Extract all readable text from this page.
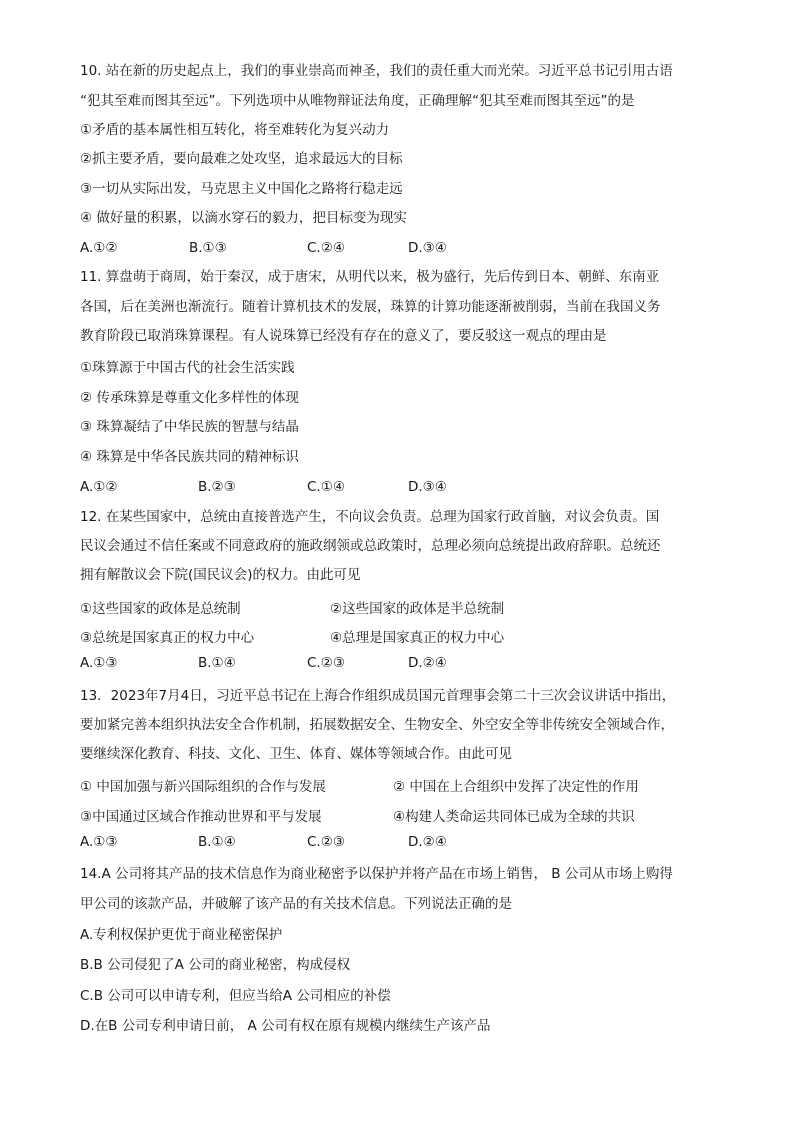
10. 站在新的历史起点上，我们的事业崇高而神圣，我们的责任重大而光荣。习近平总书记引用古语
“犯其至难而图其至远”。下列选项中从唯物辩证法角度，正确理解“犯其至难而图其至远”的是
①矛盾的基本属性相互转化，将至难转化为复兴动力
②抓主要矛盾，要向最难之处攻坚，追求最远大的目标
③一切从实际出发，马克思主义中国化之路将行稳走远
④ 做好量的积累，以滴水穿石的毅力，把目标变为现实
A.①②	B.①③	C.②④	D.③④
11. 算盘萌于商周，始于秦汉，成于唐宋，从明代以来，极为盛行，先后传到日本、朝鲜、东南亚
各国，后在美洲也渐流行。随着计算机技术的发展，珠算的计算功能逐渐被削弱，当前在我国义务
教育阶段已取消珠算课程。有人说珠算已经没有存在的意义了，要反驳这一观点的理由是
①珠算源于中国古代的社会生活实践
② 传承珠算是尊重文化多样性的体现
③ 珠算凝结了中华民族的智慧与结晶
④ 珠算是中华各民族共同的精神标识
A.①②	B.②③	C.①④	D.③④
12. 在某些国家中，总统由直接普选产生，不向议会负责。总理为国家行政首脑，对议会负责。国
民议会通过不信任案或不同意政府的施政纲领或总政策时，总理必须向总统提出政府辞职。总统还
拥有解散议会下院(国民议会)的权力。由此可见
①这些国家的政体是总统制	②这些国家的政体是半总统制
③总统是国家真正的权力中心	④总理是国家真正的权力中心
A.①③	B.①④	C.②③	D.②④
13．2023年7月4日，习近平总书记在上海合作组织成员国元首理事会第二十三次会议讲话中指出，
要加紧完善本组织执法安全合作机制，拓展数据安全、生物安全、外空安全等非传统安全领域合作，
要继续深化教育、科技、文化、卫生、体育、媒体等领域合作。由此可见
① 中国加强与新兴国际组织的合作与发展	② 中国在上合组织中发挥了决定性的作用
③中国通过区域合作推动世界和平与发展	④构建人类命运共同体已成为全球的共识
A.①③	B.①④	C.②③	D.②④
14.A 公司将其产品的技术信息作为商业秘密予以保护并将产品在市场上销售， B 公司从市场上购得
甲公司的该款产品，并破解了该产品的有关技术信息。下列说法正确的是
A.专利权保护更优于商业秘密保护
B.B 公司侵犯了A 公司的商业秘密，构成侵权
C.B 公司可以申请专利，但应当给A 公司相应的补偿
D.在B 公司专利申请日前， A 公司有权在原有规模内继续生产该产品
